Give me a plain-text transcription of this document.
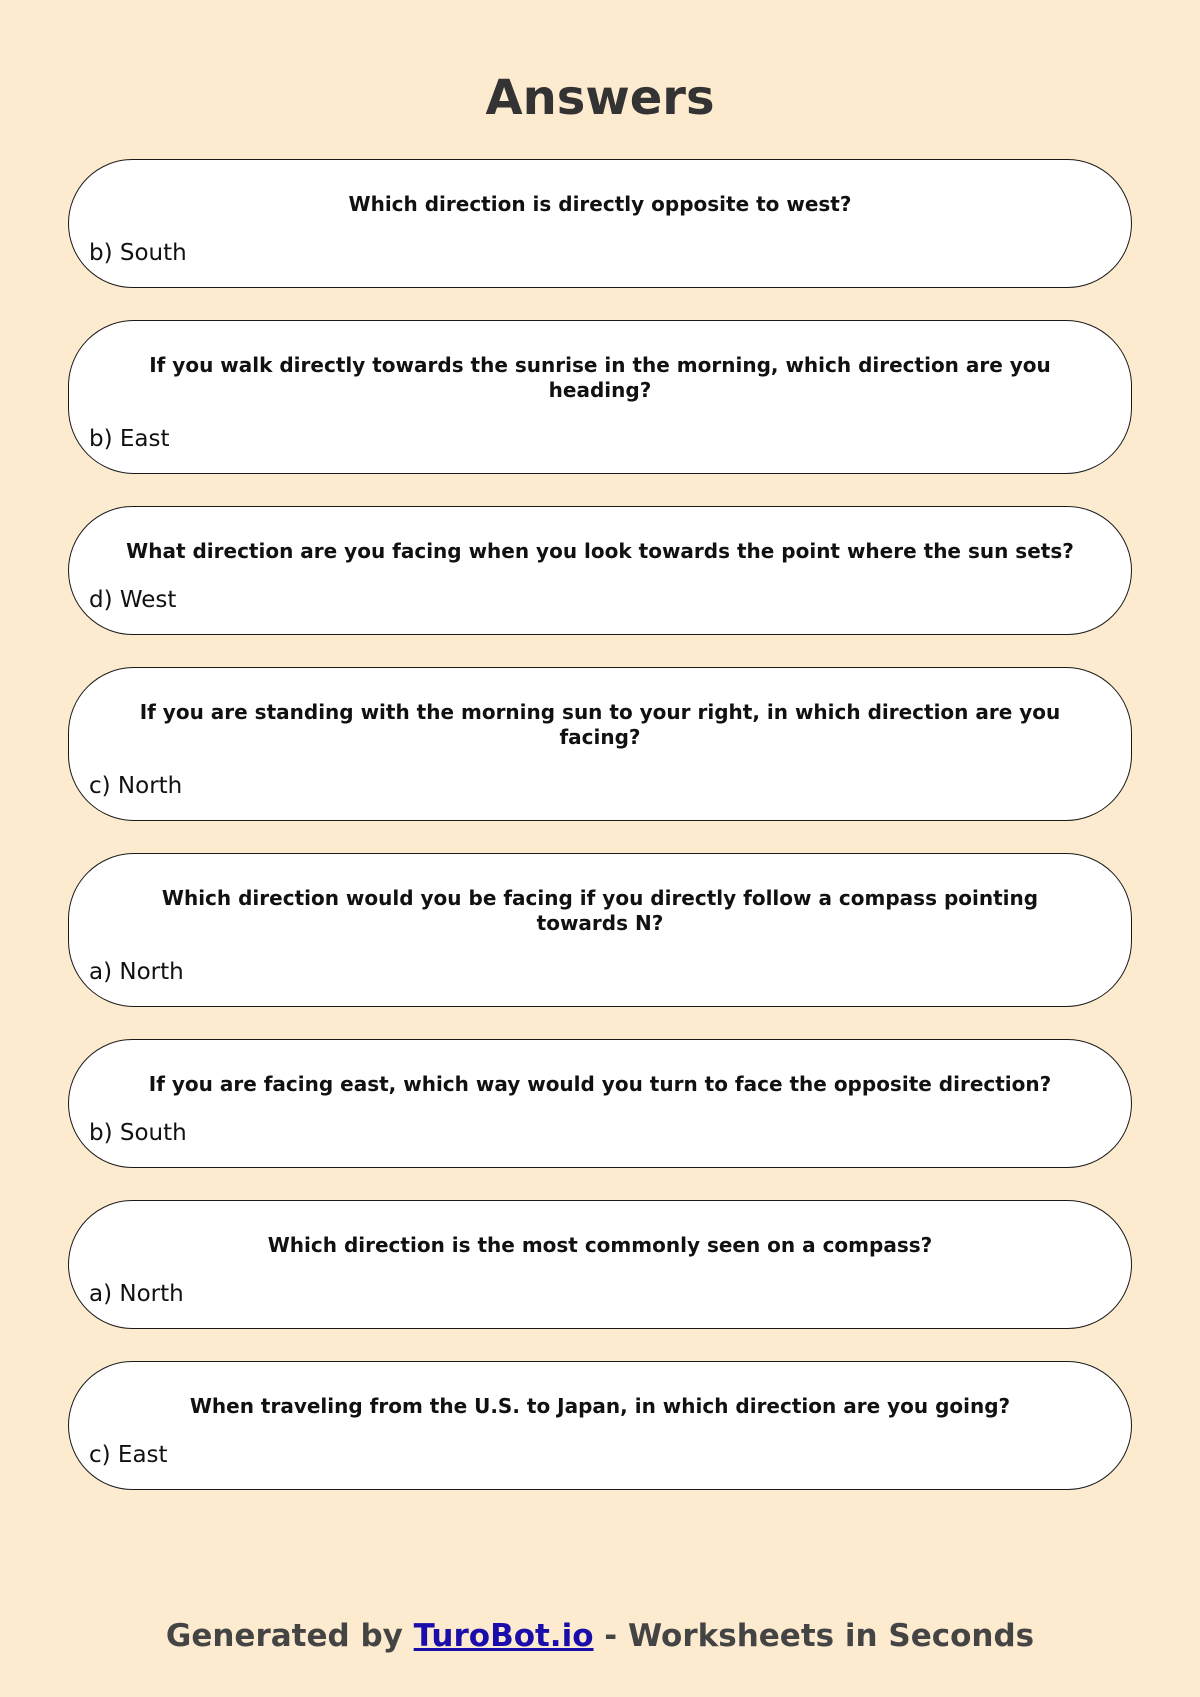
Answers
Which direction is directly opposite to west?
b) South
If you walk directly towards the sunrise in the morning, which direction are you heading?
b) East
What direction are you facing when you look towards the point where the sun sets?
d) West
If you are standing with the morning sun to your right, in which direction are you facing?
c) North
Which direction would you be facing if you directly follow a compass pointing towards N?
a) North
If you are facing east, which way would you turn to face the opposite direction?
b) South
Which direction is the most commonly seen on a compass?
a) North
When traveling from the U.S. to Japan, in which direction are you going?
c) East
Generated by TuroBot.io - Worksheets in Seconds
